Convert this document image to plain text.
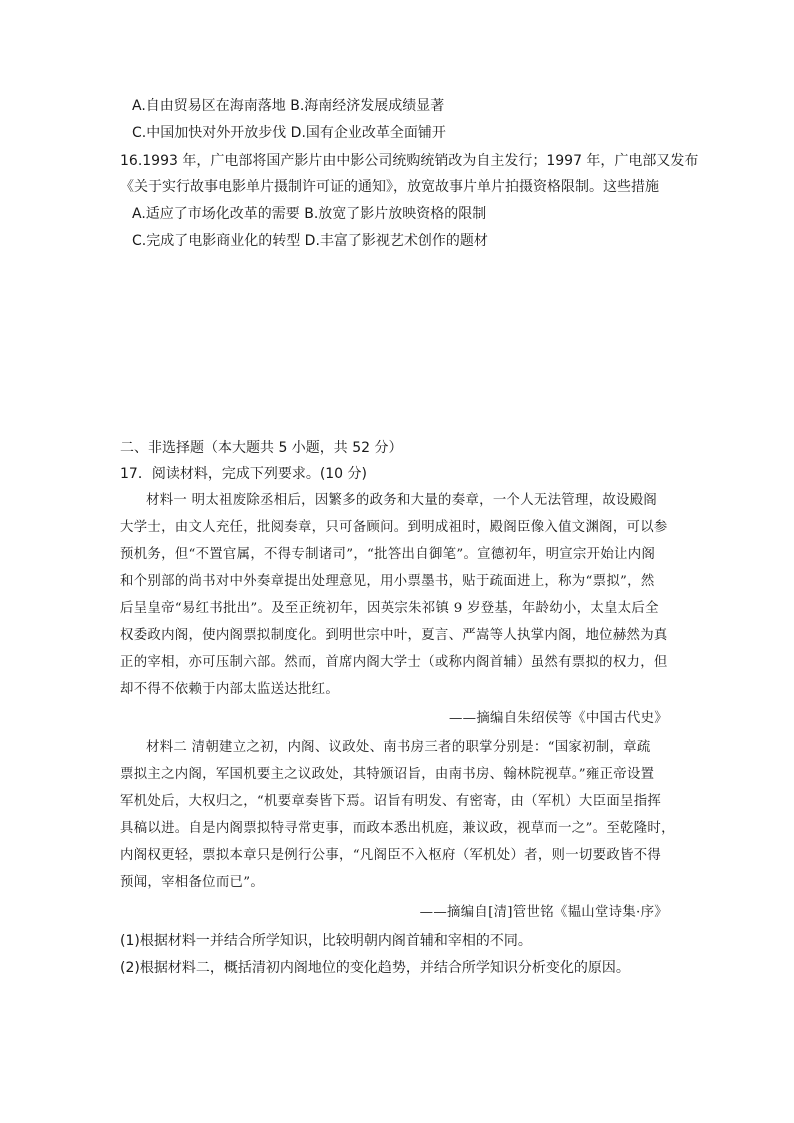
A.自由贸易区在海南落地 B.海南经济发展成绩显著
C.中国加快对外开放步伐 D.国有企业改革全面铺开
16.1993 年，广电部将国产影片由中影公司统购统销改为自主发行；1997 年，广电部又发布
《关于实行故事电影单片摄制许可证的通知》，放宽故事片单片拍摄资格限制。这些措施
A.适应了市场化改革的需要 B.放宽了影片放映资格的限制
C.完成了电影商业化的转型 D.丰富了影视艺术创作的题材
二、非选择题（本大题共 5 小题，共 52 分）
17．阅读材料，完成下列要求。(10 分)
材料一 明太祖废除丞相后，因繁多的政务和大量的奏章，一个人无法管理，故设殿阁
大学士，由文人充任，批阅奏章，只可备顾问。到明成祖时，殿阁臣像入值文渊阁，可以参
预机务，但“不置官属，不得专制诸司”，“批答出自御笔”。宣德初年，明宣宗开始让内阁
和个别部的尚书对中外奏章提出处理意见，用小票墨书，贴于疏面进上，称为“票拟”，然
后呈皇帝“易红书批出”。及至正统初年，因英宗朱祁镇 9 岁登基，年龄幼小，太皇太后全
权委政内阁，使内阁票拟制度化。到明世宗中叶，夏言、严嵩等人执掌内阁，地位赫然为真
正的宰相，亦可压制六部。然而，首席内阁大学士（或称内阁首辅）虽然有票拟的权力，但
却不得不依赖于内部太监送达批红。
——摘编自朱绍侯等《中国古代史》
材料二 清朝建立之初，内阁、议政处、南书房三者的职掌分别是：“国家初制，章疏
票拟主之内阁，军国机要主之议政处，其特颁诏旨，由南书房、翰林院视草。”雍正帝设置
军机处后，大权归之，“机要章奏皆下焉。诏旨有明发、有密寄，由（军机）大臣面呈指挥
具稿以进。自是内阁票拟特寻常吏事，而政本悉出机庭，兼议政，视草而一之”。至乾隆时，
内阁权更轻，票拟本章只是例行公事，“凡阁臣不入枢府（军机处）者，则一切要政皆不得
预闻，宰相备位而已”。
——摘编自[清]管世铭《韫山堂诗集·序》
(1)根据材料一并结合所学知识，比较明朝内阁首辅和宰相的不同。
(2)根据材料二，概括清初内阁地位的变化趋势，并结合所学知识分析变化的原因。
